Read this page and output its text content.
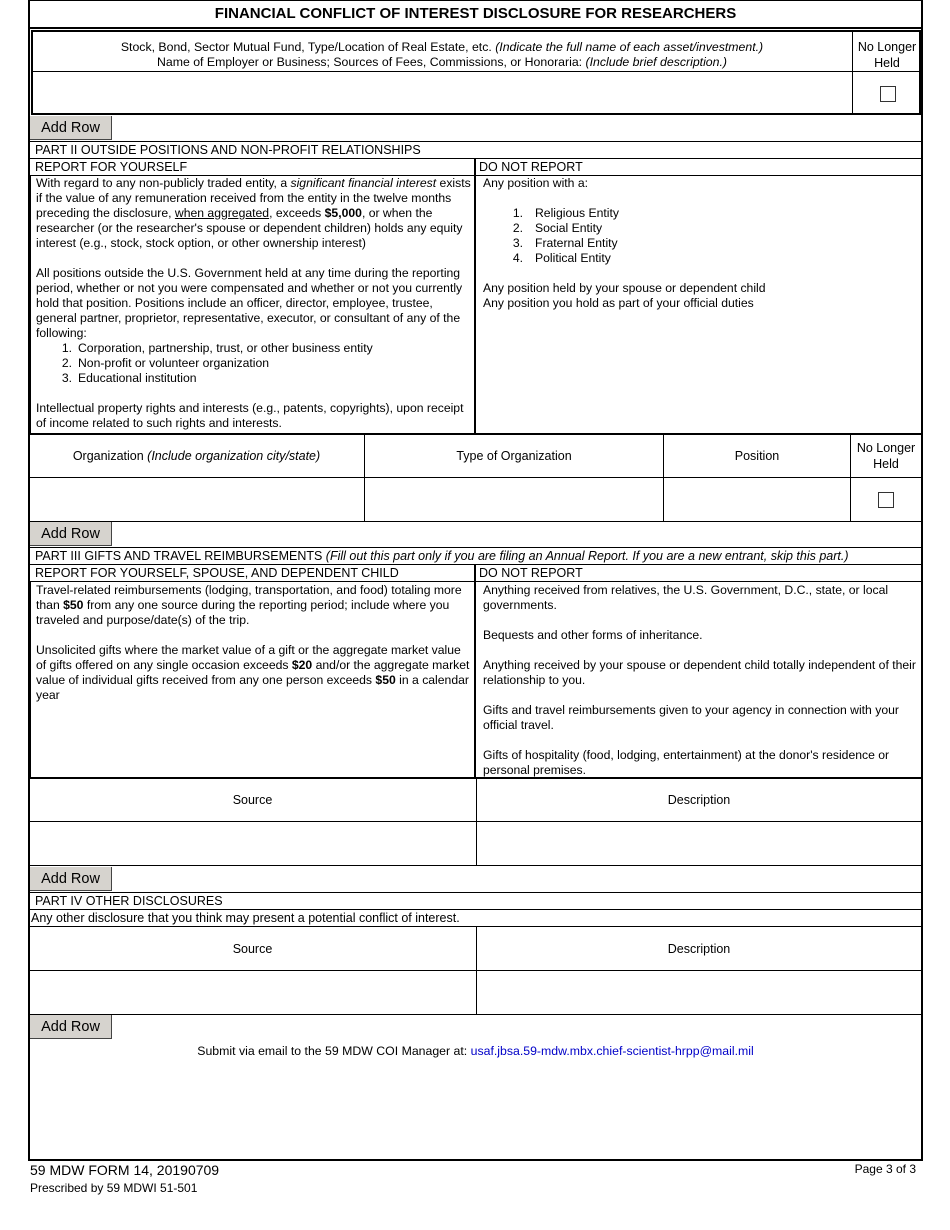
FINANCIAL CONFLICT OF INTEREST DISCLOSURE FOR RESEARCHERS
Stock, Bond, Sector Mutual Fund, Type/Location of Real Estate, etc. (Indicate the full name of each asset/investment.)
Name of Employer or Business; Sources of Fees, Commissions, or Honoraria: (Include brief description.)
No Longer
Held
Add Row
PART II OUTSIDE POSITIONS AND NON-PROFIT RELATIONSHIPS
REPORT FOR YOURSELF	DO NOT REPORT

With regard to any non-publicly traded entity, a significant financial interest exists if the value of any remuneration received from the entity in the twelve months preceding the disclosure, when aggregated, exceeds $5,000, or when the researcher (or the researcher's spouse or dependent children) holds any equity interest (e.g., stock, stock option, or other ownership interest)

All positions outside the U.S. Government held at any time during the reporting period, whether or not you were compensated and whether or not you currently hold that position. Positions include an officer, director, employee, trustee, general partner, proprietor, representative, executor, or consultant of any of the following:

1. Corporation, partnership, trust, or other business entity
2. Non-profit or volunteer organization
3. Educational institution

Intellectual property rights and interests (e.g., patents, copyrights), upon receipt of income related to such rights and interests.

Any position with a:

1. Religious Entity
2. Social Entity
3. Fraternal Entity
4. Political Entity

Any position held by your spouse or dependent child

Any position you hold as part of your official duties

Organization (Include organization city/state)	Type of Organization	Position
No Longer
Held
Add Row
PART III GIFTS AND TRAVEL REIMBURSEMENTS (Fill out this part only if you are filing an Annual Report. If you are a new entrant, skip this part.)
REPORT FOR YOURSELF, SPOUSE, AND DEPENDENT CHILD	DO NOT REPORT

Travel-related reimbursements (lodging, transportation, and food) totaling more than $50 from any one source during the reporting period; include where you traveled and purpose/date(s) of the trip.

Unsolicited gifts where the market value of a gift or the aggregate market value of gifts offered on any single occasion exceeds $20 and/or the aggregate market value of individual gifts received from any one person exceeds $50 in a calendar year

Anything received from relatives, the U.S. Government, D.C., state, or local governments.

Bequests and other forms of inheritance.

Anything received by your spouse or dependent child totally independent of their relationship to you.

Gifts and travel reimbursements given to your agency in connection with your official travel.

Gifts of hospitality (food, lodging, entertainment) at the donor's residence or personal premises.

Source	Description
Add Row
PART IV OTHER DISCLOSURES
Any other disclosure that you think may present a potential conflict of interest.
Source	Description
Add Row
Submit via email to the 59 MDW COI Manager at: usaf.jbsa.59-mdw.mbx.chief-scientist-hrpp@mail.mil
59 MDW FORM 14, 20190709
Prescribed by 59 MDWI 51-501
Page 3 of 3
